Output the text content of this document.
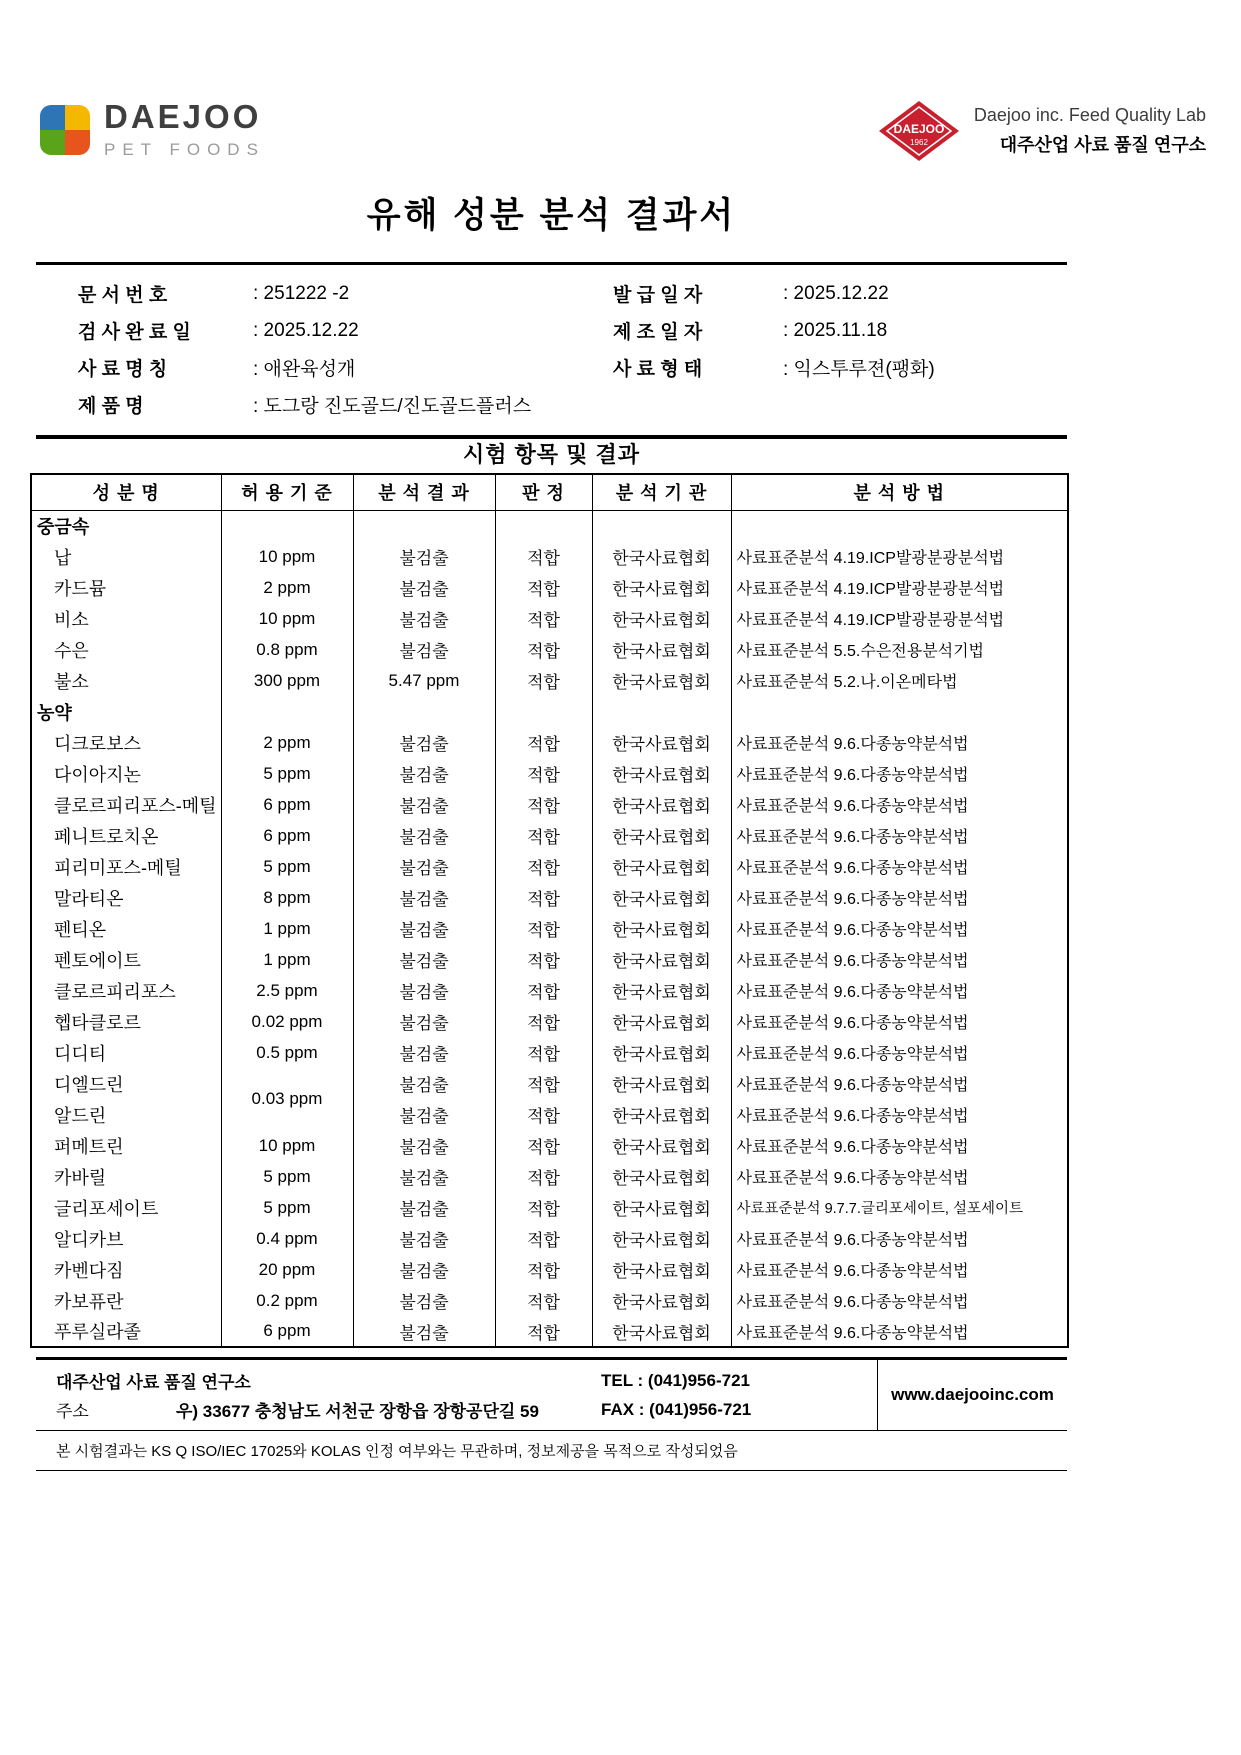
DAEJOO
PET FOODS
DAEJOO
1962
Daejoo inc. Feed Quality Lab
대주산업 사료 품질 연구소
유해 성분 분석 결과서
문 서 번 호	: 251222 -2	발 급 일 자	: 2025.12.22
검 사 완 료 일	: 2025.12.22	제 조 일 자	: 2025.11.18
사 료 명 칭	: 애완육성개	사 료 형 태	: 익스투루젼(팽화)
제 품 명	: 도그랑 진도골드/진도골드플러스
시험 항목 및 결과
성 분 명	허 용 기 준	분 석 결 과	판 정	분 석 기 관	분 석 방 법
중금속					
납	10 ppm	불검출	적합	한국사료협회	사료표준분석 4.19.ICP발광분광분석법
카드뮴	2 ppm	불검출	적합	한국사료협회	사료표준분석 4.19.ICP발광분광분석법
비소	10 ppm	불검출	적합	한국사료협회	사료표준분석 4.19.ICP발광분광분석법
수은	0.8 ppm	불검출	적합	한국사료협회	사료표준분석 5.5.수은전용분석기법
불소	300 ppm	5.47 ppm	적합	한국사료협회	사료표준분석 5.2.나.이온메타법
농약					
디크로보스	2 ppm	불검출	적합	한국사료협회	사료표준분석 9.6.다종농약분석법
다이아지논	5 ppm	불검출	적합	한국사료협회	사료표준분석 9.6.다종농약분석법
클로르피리포스-메틸	6 ppm	불검출	적합	한국사료협회	사료표준분석 9.6.다종농약분석법
페니트로치온	6 ppm	불검출	적합	한국사료협회	사료표준분석 9.6.다종농약분석법
피리미포스-메틸	5 ppm	불검출	적합	한국사료협회	사료표준분석 9.6.다종농약분석법
말라티온	8 ppm	불검출	적합	한국사료협회	사료표준분석 9.6.다종농약분석법
펜티온	1 ppm	불검출	적합	한국사료협회	사료표준분석 9.6.다종농약분석법
펜토에이트	1 ppm	불검출	적합	한국사료협회	사료표준분석 9.6.다종농약분석법
클로르피리포스	2.5 ppm	불검출	적합	한국사료협회	사료표준분석 9.6.다종농약분석법
헵타클로르	0.02 ppm	불검출	적합	한국사료협회	사료표준분석 9.6.다종농약분석법
디디티	0.5 ppm	불검출	적합	한국사료협회	사료표준분석 9.6.다종농약분석법
디엘드린	0.03 ppm	불검출	적합	한국사료협회	사료표준분석 9.6.다종농약분석법
알드린		불검출	적합	한국사료협회	사료표준분석 9.6.다종농약분석법
퍼메트린	10 ppm	불검출	적합	한국사료협회	사료표준분석 9.6.다종농약분석법
카바릴	5 ppm	불검출	적합	한국사료협회	사료표준분석 9.6.다종농약분석법
글리포세이트	5 ppm	불검출	적합	한국사료협회	사료표준분석 9.7.7.글리포세이트, 설포세이트
알디카브	0.4 ppm	불검출	적합	한국사료협회	사료표준분석 9.6.다종농약분석법
카벤다짐	20 ppm	불검출	적합	한국사료협회	사료표준분석 9.6.다종농약분석법
카보퓨란	0.2 ppm	불검출	적합	한국사료협회	사료표준분석 9.6.다종농약분석법
푸루실라졸	6 ppm	불검출	적합	한국사료협회	사료표준분석 9.6.다종농약분석법
대주산업 사료 품질 연구소	TEL : (041)956-721
주소	우) 33677 충청남도 서천군 장항읍 장항공단길 59	FAX : (041)956-721
www.daejooinc.com
본 시험결과는 KS Q ISO/IEC 17025와 KOLAS 인정 여부와는 무관하며, 정보제공을 목적으로 작성되었음
